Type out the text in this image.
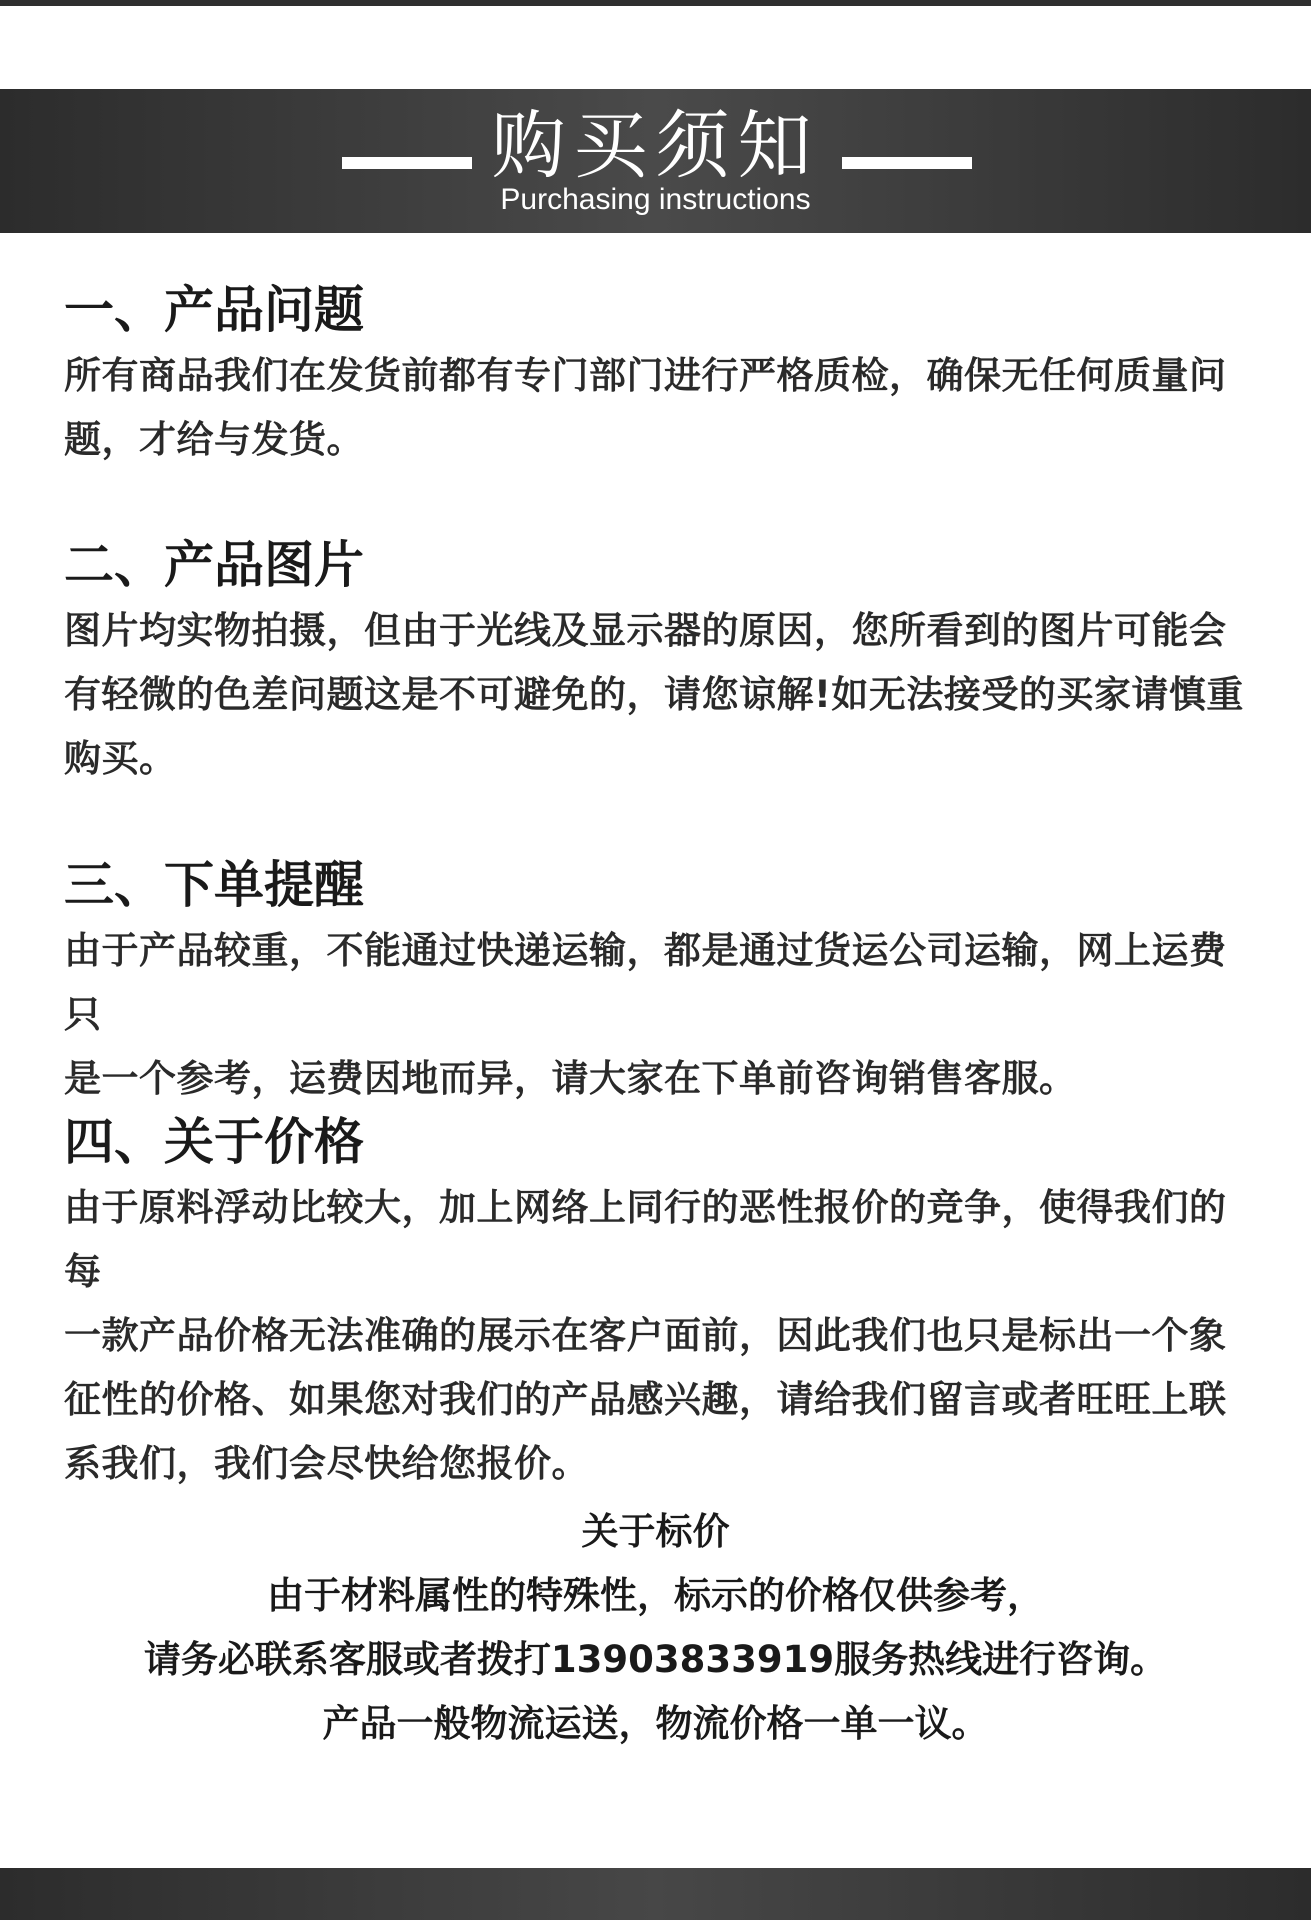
购买须知
Purchasing instructions
一、产品问题

所有商品我们在发货前都有专门部门进行严格质检，确保无任何质量问
题，才给与发货。

二、产品图片

图片均实物拍摄，但由于光线及显示器的原因，您所看到的图片可能会
有轻微的色差问题这是不可避免的，请您谅解!如无法接受的买家请慎重
购买。

三、下单提醒

由于产品较重，不能通过快递运输，都是通过货运公司运输，网上运费只
是一个参考，运费因地而异，请大家在下单前咨询销售客服。

四、关于价格

由于原料浮动比较大，加上网络上同行的恶性报价的竞争，使得我们的每
一款产品价格无法准确的展示在客户面前，因此我们也只是标出一个象
征性的价格、如果您对我们的产品感兴趣，请给我们留言或者旺旺上联
系我们，我们会尽快给您报价。

关于标价

由于材料属性的特殊性，标示的价格仅供参考，

请务必联系客服或者拨打13903833919服务热线进行咨询。

产品一般物流运送，物流价格一单一议。
